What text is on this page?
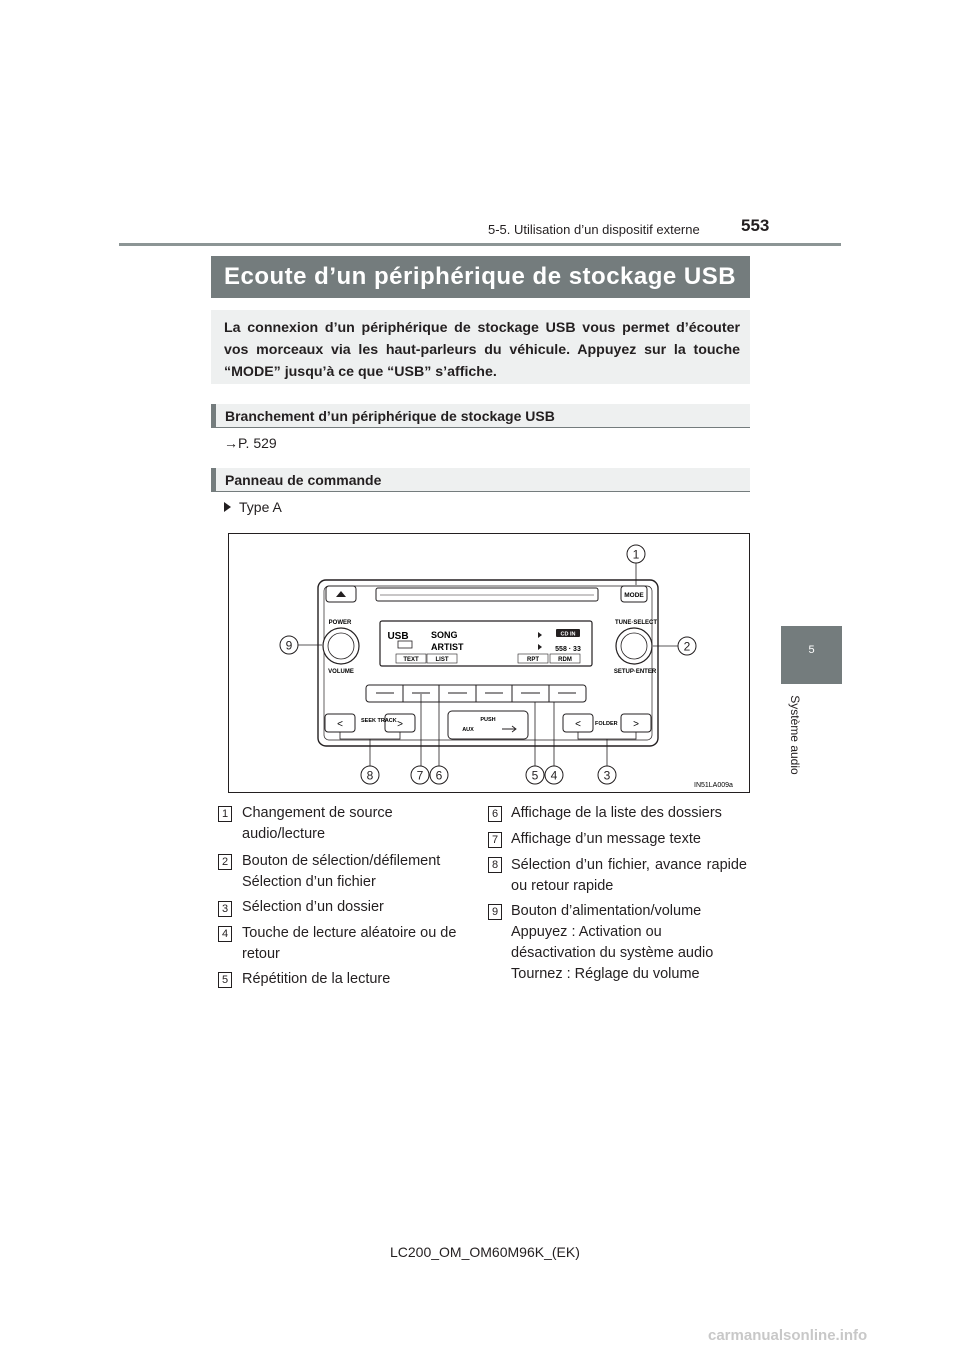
5-5. Utilisation d’un dispositif externe 553
5
Système audio
Ecoute d’un périphérique de stockage USB
La connexion d’un périphérique de stockage USB vous permet d’écouter vos morceaux via les haut-parleurs du véhicule. Appuyez sur la touche “MODE” jusqu’à ce que “USB” s’affiche.
Branchement d’un périphérique de stockage USB
→P. 529
Panneau de commande
Type A
MODE
POWER
VOLUME
TUNE·SELECT
SETUP·ENTER
USB SONG
ARTIST
CD IN
558 · 33
TEXT	LIST	RPT	RDM
<	>
SEEK TRACK	PUSH
AUX	<	>
FOLDER
1
2
3
4
5
6
7
8
9
IN51LA009a
1 Changement de source audio/lecture
2 Bouton de sélection/défilement Sélection d’un fichier
3 Sélection d’un dossier
4 Touche de lecture aléatoire ou de retour
5 Répétition de la lecture
6 Affichage de la liste des dossiers
7 Affichage d’un message texte
8 Sélection d’un fichier, avance rapide ou retour rapide
9 Bouton d’alimentation/volume Appuyez : Activation ou désactivation du système audio Tournez : Réglage du volume
LC200_OM_OM60M96K_(EK)
carmanualsonline.info
